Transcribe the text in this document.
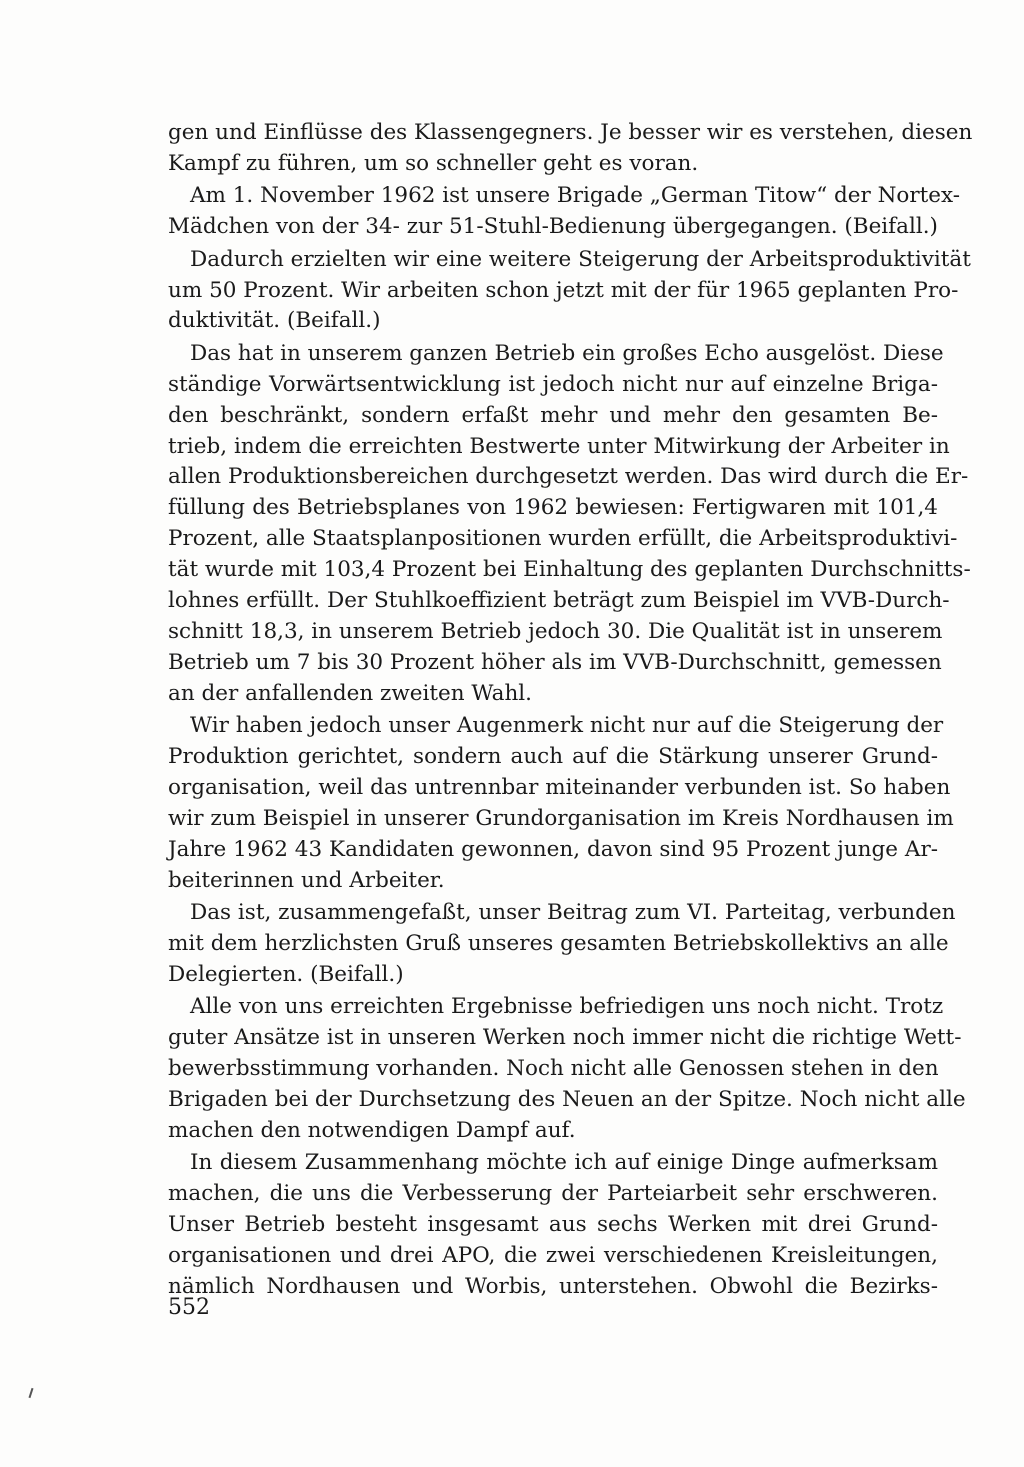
gen und Einflüsse des Klassengegners. Je besser wir es verstehen, diesen
Kampf zu führen, um so schneller geht es voran.

Am 1. November 1962 ist unsere Brigade „German Titow“ der Nortex-
Mädchen von der 34- zur 51-Stuhl-Bedienung übergegangen. (Beifall.)

Dadurch erzielten wir eine weitere Steigerung der Arbeitsproduktivität
um 50 Prozent. Wir arbeiten schon jetzt mit der für 1965 geplanten Pro-
duktivität. (Beifall.)

Das hat in unserem ganzen Betrieb ein großes Echo ausgelöst. Diese
ständige Vorwärtsentwicklung ist jedoch nicht nur auf einzelne Briga-
den beschränkt, sondern erfaßt mehr und mehr den gesamten Be-
trieb, indem die erreichten Bestwerte unter Mitwirkung der Arbeiter in
allen Produktionsbereichen durchgesetzt werden. Das wird durch die Er-
füllung des Betriebsplanes von 1962 bewiesen: Fertigwaren mit 101,4
Prozent, alle Staatsplanpositionen wurden erfüllt, die Arbeitsproduktivi-
tät wurde mit 103,4 Prozent bei Einhaltung des geplanten Durchschnitts-
lohnes erfüllt. Der Stuhlkoeffizient beträgt zum Beispiel im VVB-Durch-
schnitt 18,3, in unserem Betrieb jedoch 30. Die Qualität ist in unserem
Betrieb um 7 bis 30 Prozent höher als im VVB-Durchschnitt, gemessen
an der anfallenden zweiten Wahl.

Wir haben jedoch unser Augenmerk nicht nur auf die Steigerung der
Produktion gerichtet, sondern auch auf die Stärkung unserer Grund-
organisation, weil das untrennbar miteinander verbunden ist. So haben
wir zum Beispiel in unserer Grundorganisation im Kreis Nordhausen im
Jahre 1962 43 Kandidaten gewonnen, davon sind 95 Prozent junge Ar-
beiterinnen und Arbeiter.

Das ist, zusammengefaßt, unser Beitrag zum VI. Parteitag, verbunden
mit dem herzlichsten Gruß unseres gesamten Betriebskollektivs an alle
Delegierten. (Beifall.)

Alle von uns erreichten Ergebnisse befriedigen uns noch nicht. Trotz
guter Ansätze ist in unseren Werken noch immer nicht die richtige Wett-
bewerbsstimmung vorhanden. Noch nicht alle Genossen stehen in den
Brigaden bei der Durchsetzung des Neuen an der Spitze. Noch nicht alle
machen den notwendigen Dampf auf.

In diesem Zusammenhang möchte ich auf einige Dinge aufmerksam
machen, die uns die Verbesserung der Parteiarbeit sehr erschweren.
Unser Betrieb besteht insgesamt aus sechs Werken mit drei Grund-
organisationen und drei APO, die zwei verschiedenen Kreisleitungen,
nämlich Nordhausen und Worbis, unterstehen. Obwohl die Bezirks-

552
